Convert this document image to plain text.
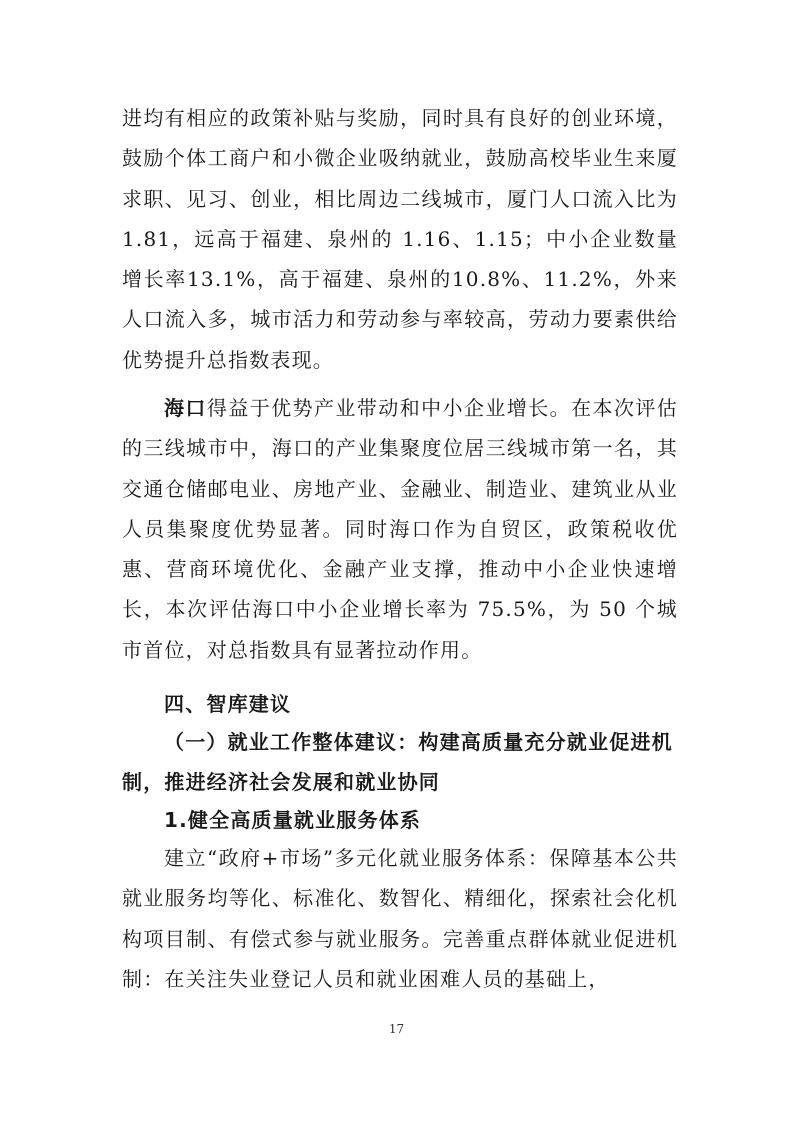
进均有相应的政策补贴与奖励，同时具有良好的创业环境，鼓励个体工商户和小微企业吸纳就业，鼓励高校毕业生来厦求职、见习、创业，相比周边二线城市，厦门人口流入比为 1.81，远高于福建、泉州的 1.16、1.15；中小企业数量增长率13.1%，高于福建、泉州的10.8%、11.2%，外来人口流入多，城市活力和劳动参与率较高，劳动力要素供给优势提升总指数表现。

海口得益于优势产业带动和中小企业增长。在本次评估的三线城市中，海口的产业集聚度位居三线城市第一名，其交通仓储邮电业、房地产业、金融业、制造业、建筑业从业人员集聚度优势显著。同时海口作为自贸区，政策税收优惠、营商环境优化、金融产业支撑，推动中小企业快速增长，本次评估海口中小企业增长率为 75.5%，为 50 个城市首位，对总指数具有显著拉动作用。

四、智库建议
（一）就业工作整体建议：构建高质量充分就业促进机制，推进经济社会发展和就业协同
1.健全高质量就业服务体系

建立“政府+市场”多元化就业服务体系：保障基本公共就业服务均等化、标准化、数智化、精细化，探索社会化机构项目制、有偿式参与就业服务。完善重点群体就业促进机制：在关注失业登记人员和就业困难人员的基础上，

17
